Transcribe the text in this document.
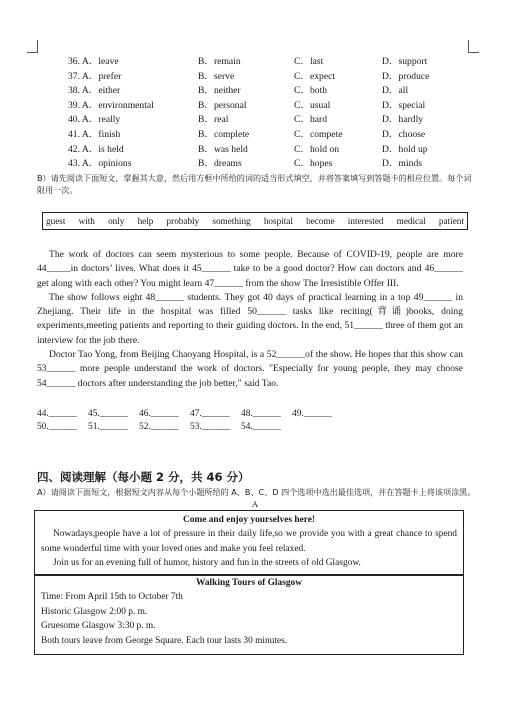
36. A．leave	B．remain	C．last	D．support
37. A．prefer	B．serve	C．expect	D．produce
38. A．either	B．neither	C．both	D．all
39. A．environmental	B．personal	C．usual	D．special
40. A．really	B．real	C．hard	D．hardly
41. A．finish	B．complete	C．compete	D．choose
42. A．is held	B．was held	C．hold on	D．hold up
43. A．opinions	B．dreams	C．hopes	D．minds
B）请先阅读下面短文，掌握其大意，然后用方框中所给的词的适当形式填空，并将答案填写到答题卡的相应位置。每个词限用一次。
guest with only help probably something hospital become interested medical patient

The work of doctors can seem mysterious to some people. Because of COVID-19, people are more 44_____in doctors’ lives. What does it 45______ take to be a good doctor? How can doctors and 46______ get along with each other? You might learn 47______ from the show The Irresistible Offer III.

The show follows eight 48______ students. They got 40 days of practical learning in a top 49______ in Zhejiang. Their life in the hospital was filled 50______ tasks like reciting(背诵)books, doing experiments,meeting patients and reporting to their guiding doctors. In the end, 51______ three of them got an interview for the job there.

Doctor Tao Yong, from Beijing Chaoyang Hospital, is a 52______of the show. He hopes that this show can 53______ more people understand the work of doctors. "Especially for young people, they may choose 54______ doctors after understanding the job better," said Tao.

44.______	45.______	46.______	47.______	48.______	49.______
50.______	51.______	52.______	53.______	54.______
四、阅读理解（每小题 2 分，共 46 分）
A）请阅读下面短文，根据短文内容从每个小题所给的 A、B、C、D 四个选项中选出最佳选项，并在答题卡上将该项涂黑。
A

Come and enjoy yourselves here!

Nowadays,people have a lot of pressure in their daily life,so we provide you with a great chance to spend some wonderful time with your loved ones and make you feel relaxed.

Join us for an evening full of humor, history and fun in the streets of old Glasgow.

Walking Tours of Glasgow

Time: From April 15th to October 7th

Historic Glasgow 2:00 p. m.

Gruesome Glasgow 3:30 p. m.

Both tours leave from George Square. Each tour lasts 30 minutes.
